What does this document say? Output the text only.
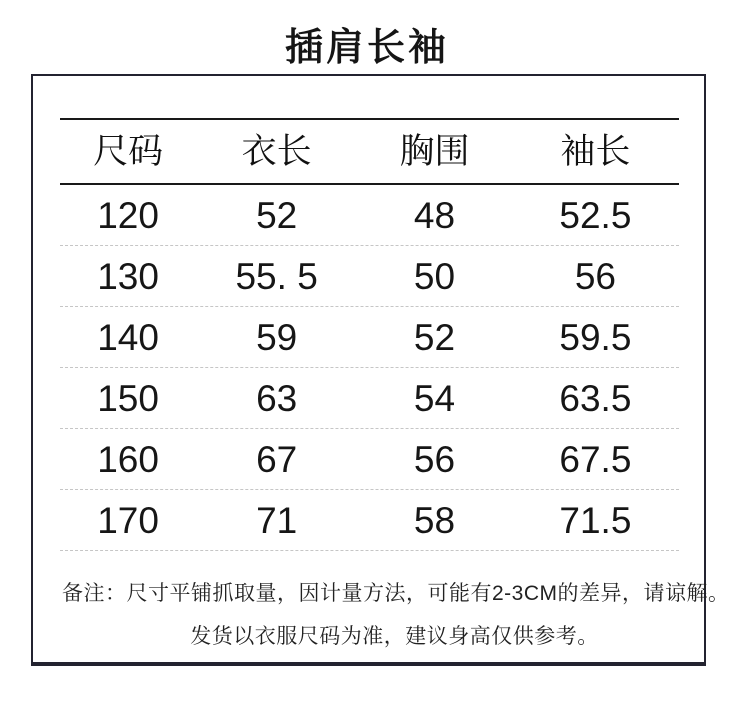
插肩长袖
尺码	衣长	胸围	袖长
120	52	48	52.5
130	55. 5	50	56
140	59	52	59.5
150	63	54	63.5
160	67	56	67.5
170	71	58	71.5
备注：尺寸平铺抓取量，因计量方法，可能有2-3CM的差异，请谅解。
发货以衣服尺码为准，建议身高仅供参考。
